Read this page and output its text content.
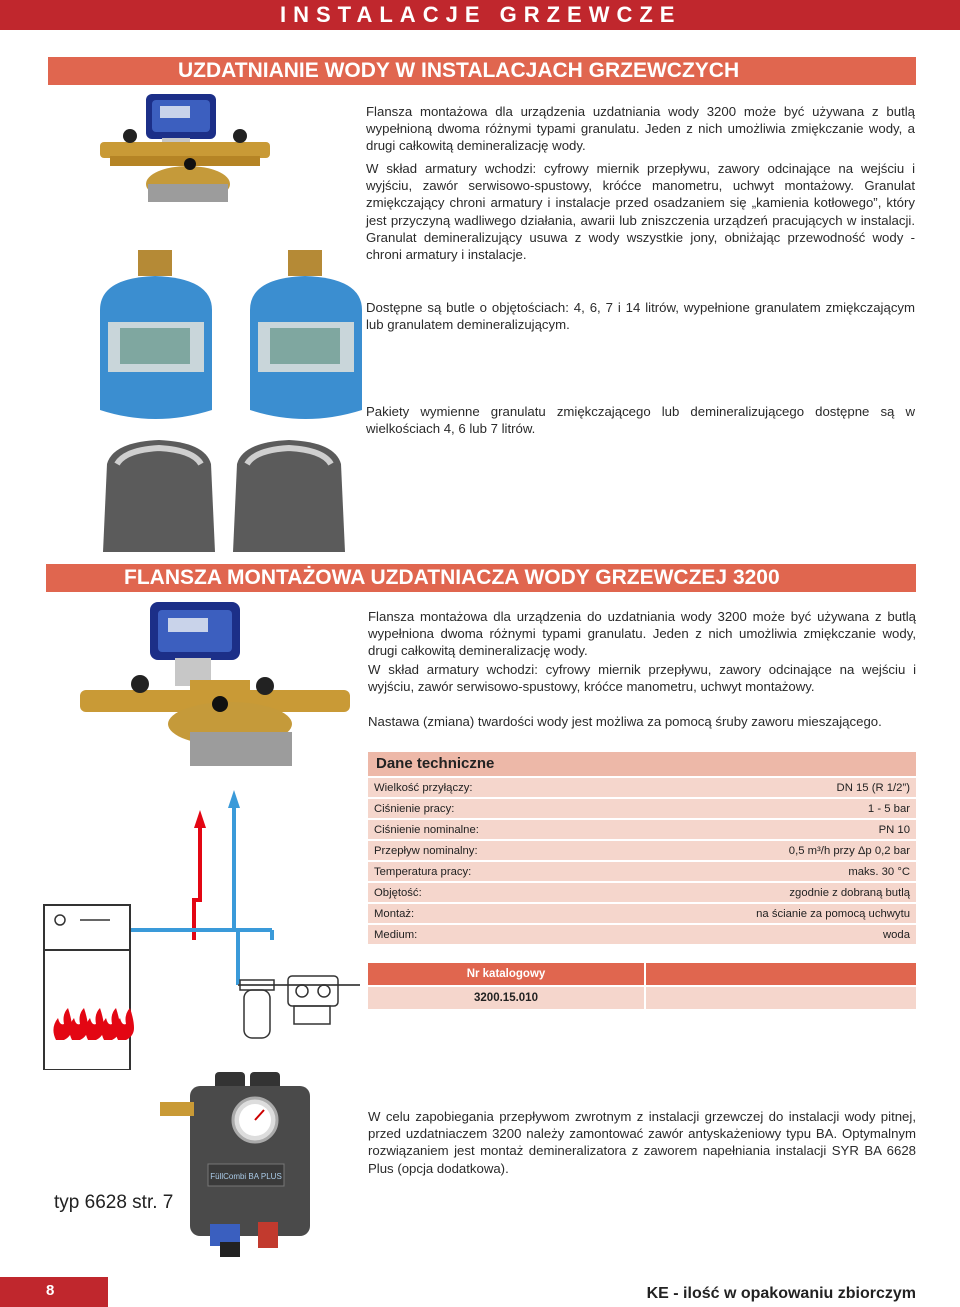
INSTALACJE GRZEWCZE
UZDATNIANIE WODY W INSTALACJACH GRZEWCZYCH
Flansza montażowa dla urządzenia uzdatniania wody 3200 może być używana z butlą wypełnioną dwoma różnymi typami granulatu. Jeden z nich umożliwia zmiękczanie wody, a drugi całkowitą demineralizację wody.
W skład armatury wchodzi: cyfrowy miernik przepływu, zawory odcinające na wejściu i wyjściu, zawór serwisowo-spustowy, króćce manometru, uchwyt montażowy. Granulat zmiękczający chroni armatury i instalacje przed osadzaniem się „kamienia kotłowego”, który jest przyczyną wadliwego działania, awarii lub zniszczenia urządzeń pracujących w instalacji. Granulat demineralizujący usuwa z wody wszystkie jony, obniżając przewodność wody - chroni armatury i instalacje.
Dostępne są butle o objętościach: 4, 6, 7 i 14 litrów, wypełnione granulatem zmiękczającym lub granulatem demineralizującym.
Pakiety wymienne granulatu zmiękczającego lub demineralizującego dostępne są w wielkościach 4, 6 lub 7 litrów.
FLANSZA MONTAŻOWA UZDATNIACZA WODY GRZEWCZEJ 3200
Flansza montażowa dla urządzenia do uzdatniania wody 3200 może być używana z butlą wypełniona dwoma różnymi typami granulatu. Jeden z nich umożliwia zmiękczanie wody, drugi całkowitą demineralizację wody.
W skład armatury wchodzi: cyfrowy miernik przepływu, zawory odcinające na wejściu i wyjściu, zawór serwisowo-spustowy, króćce manometru, uchwyt montażowy.
Nastawa (zmiana) twardości wody jest możliwa za pomocą śruby zaworu mieszającego.
Dane techniczne
Wielkość przyłączy:	DN 15 (R 1/2”)
Ciśnienie pracy:	1 - 5 bar
Ciśnienie nominalne:	PN 10
Przepływ nominalny:	0,5 m³/h przy Δp 0,2 bar
Temperatura pracy:	maks. 30 °C
Objętość:	zgodnie z dobraną butlą
Montaż:	na ścianie za pomocą uchwytu
Medium:	woda
Nr katalogowy
3200.15.010
FüllCombi BA PLUS
W celu zapobiegania przepływom zwrotnym z instalacji grzewczej do instalacji wody pitnej, przed uzdatniaczem 3200 należy zamontować zawór antyskażeniowy typu BA. Optymalnym rozwiązaniem jest montaż demineralizatora z zaworem napełniania instalacji SYR BA 6628 Plus (opcja dodatkowa).
typ 6628 str. 7
8	KE - ilość w opakowaniu zbiorczym
